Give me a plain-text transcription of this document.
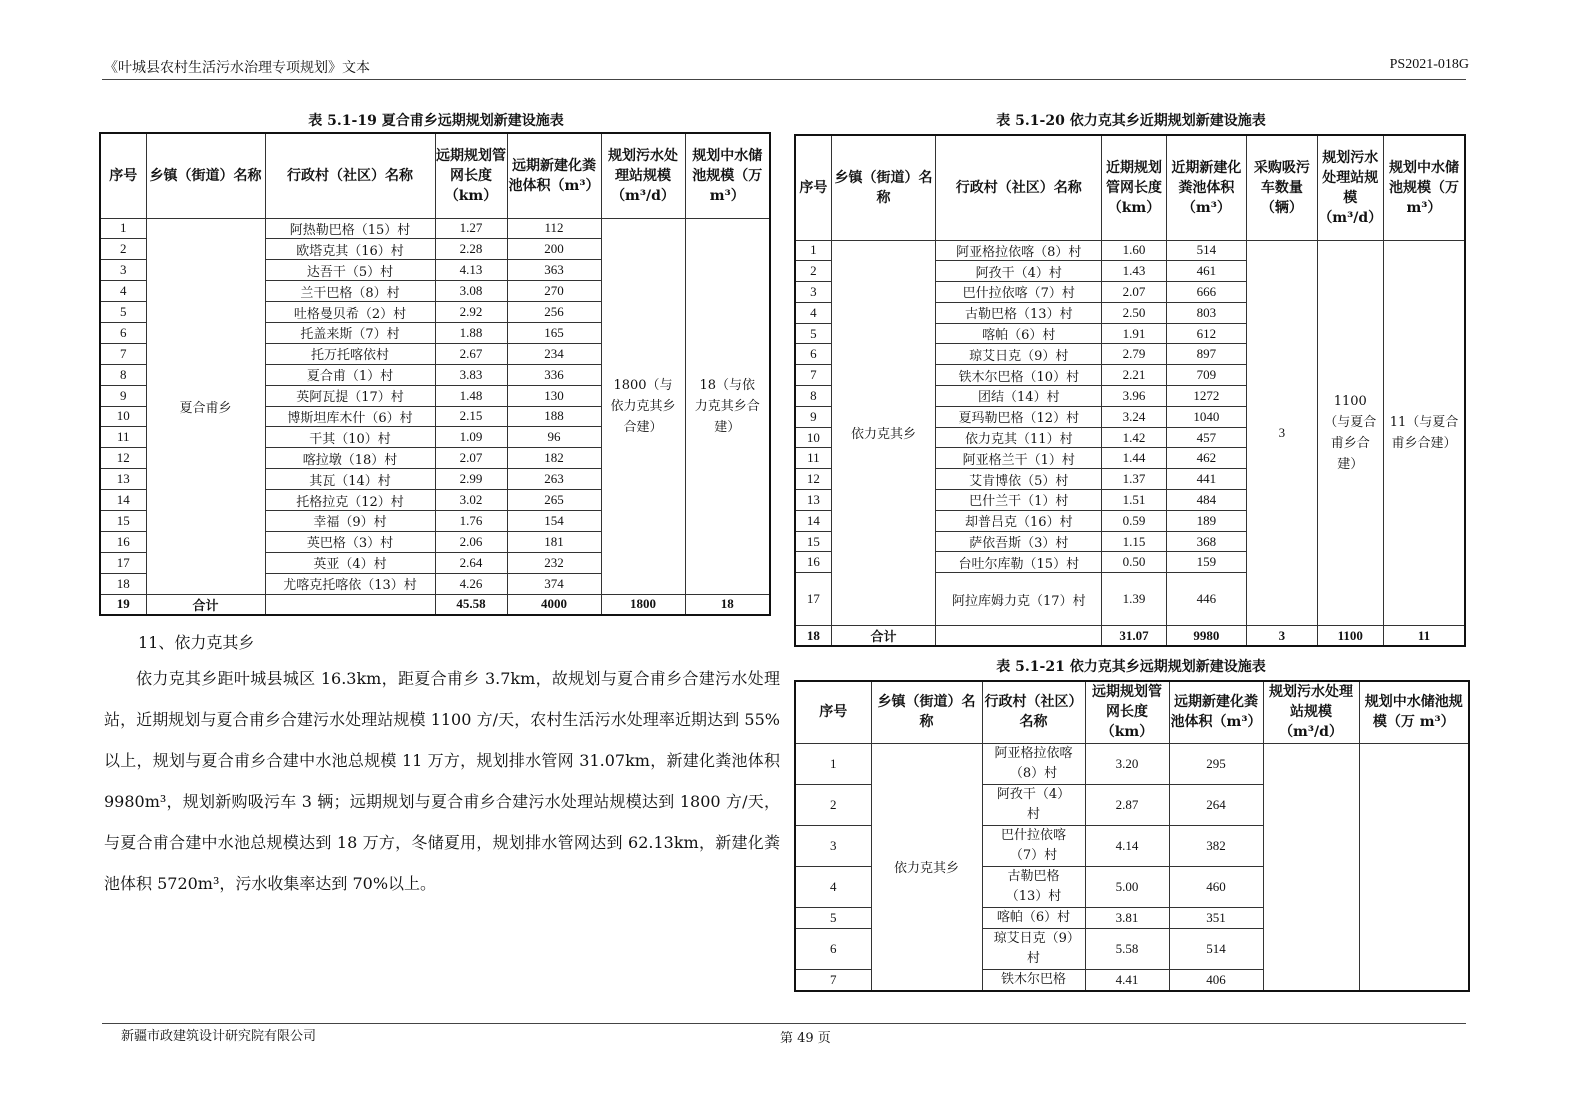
《叶城县农村生活污水治理专项规划》文本	PS2021-018G
表 5.1-19 夏合甫乡远期规划新建设施表
序号	乡镇（街道）名称	行政村（社区）名称	远期规划管网长度（km）	远期新建化粪池体积（m³）	规划污水处理站规模（m³/d）	规划中水储池规模（万 m³）
1	夏合甫乡	阿热勒巴格（15）村	1.27	112	1800（与依力克其乡合建）	18（与依力克其乡合建）
2		欧塔克其（16）村	2.28	200		
3		达吾干（5）村	4.13	363		
4		兰干巴格（8）村	3.08	270		
5		吐格曼贝希（2）村	2.92	256		
6		托盖来斯（7）村	1.88	165		
7		托万托喀依村	2.67	234		
8		夏合甫（1）村	3.83	336		
9		英阿瓦提（17）村	1.48	130		
10		博斯坦库木什（6）村	2.15	188		
11		干其（10）村	1.09	96		
12		喀拉墩（18）村	2.07	182		
13		其瓦（14）村	2.99	263		
14		托格拉克（12）村	3.02	265		
15		幸福（9）村	1.76	154		
16		英巴格（3）村	2.06	181		
17		英亚（4）村	2.64	232		
18		尤喀克托喀依（13）村	4.26	374		
19	合计		45.58	4000	1800	18
11、依力克其乡

依力克其乡距叶城县城区 16.3km，距夏合甫乡 3.7km，故规划与夏合甫乡合建污水处理站，近期规划与夏合甫乡合建污水处理站规模 1100 方/天，农村生活污水处理率近期达到 55%以上，规划与夏合甫乡合建中水池总规模 11 万方，规划排水管网 31.07km，新建化粪池体积 9980m³，规划新购吸污车 3 辆；远期规划与夏合甫乡合建污水处理站规模达到 1800 方/天，与夏合甫合建中水池总规模达到 18 万方，冬储夏用，规划排水管网达到 62.13km，新建化粪池体积 5720m³，污水收集率达到 70%以上。

表 5.1-20 依力克其乡近期规划新建设施表
序号	乡镇（街道）名称	行政村（社区）名称	近期规划管网长度（km）	近期新建化粪池体积（m³）	采购吸污车数量（辆）	规划污水处理站规模（m³/d）	规划中水储池规模（万 m³）
1	依力克其乡	阿亚格拉依喀（8）村	1.60	514	3	1100（与夏合甫乡合建）	11（与夏合甫乡合建）
2		阿孜干（4）村	1.43	461			
3		巴什拉依喀（7）村	2.07	666			
4		古勒巴格（13）村	2.50	803			
5		喀帕（6）村	1.91	612			
6		琼艾日克（9）村	2.79	897			
7		铁木尔巴格（10）村	2.21	709			
8		团结（14）村	3.96	1272			
9		夏玛勒巴格（12）村	3.24	1040			
10		依力克其（11）村	1.42	457			
11		阿亚格兰干（1）村	1.44	462			
12		艾肯博依（5）村	1.37	441			
13		巴什兰干（1）村	1.51	484			
14		却普吕克（16）村	0.59	189			
15		萨依吾斯（3）村	1.15	368			
16		台吐尔库勒（15）村	0.50	159			
17		阿拉库姆力克（17）村	1.39	446			
18	合计		31.07	9980	3	1100	11
表 5.1-21 依力克其乡远期规划新建设施表
序号	乡镇（街道）名称	行政村（社区）名称	远期规划管网长度（km）	远期新建化粪池体积（m³）	规划污水处理站规模（m³/d）	规划中水储池规模（万 m³）
1	依力克其乡	阿亚格拉依喀（8）村	3.20	295		
2		阿孜干（4）村	2.87	264		
3		巴什拉依喀（7）村	4.14	382		
4		古勒巴格（13）村	5.00	460		
5		喀帕（6）村	3.81	351		
6		琼艾日克（9）村	5.58	514		
7		铁木尔巴格	4.41	406		
新疆市政建筑设计研究院有限公司	第 49 页
